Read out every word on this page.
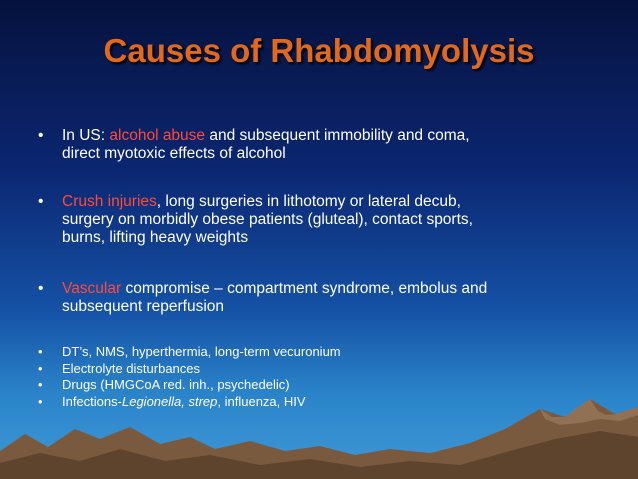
Causes of Rhabdomyolysis
• In US: alcohol abuse and subsequent immobility and coma,
direct myotoxic effects of alcohol
• Crush injuries, long surgeries in lithotomy or lateral decub,
surgery on morbidly obese patients (gluteal), contact sports,
burns, lifting heavy weights
• Vascular compromise – compartment syndrome, embolus and
subsequent reperfusion
• DT’s, NMS, hyperthermia, long-term vecuronium
• Electrolyte disturbances
• Drugs (HMGCoA red. inh., psychedelic)
• Infections-Legionella, strep, influenza, HIV
